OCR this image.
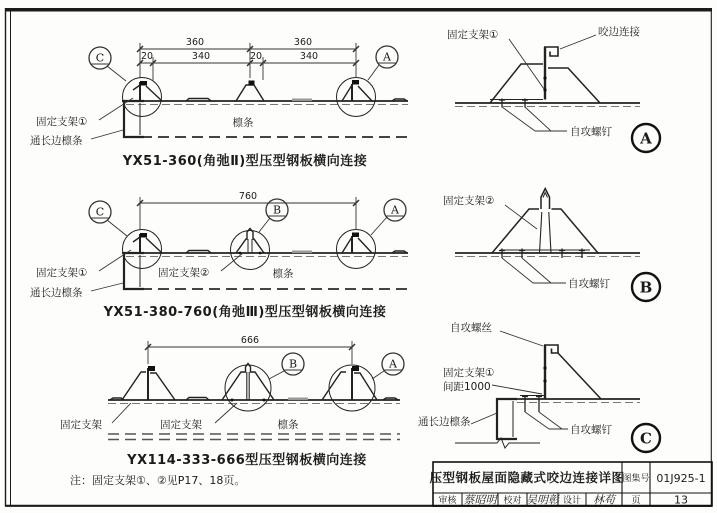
360	360
20	340	20	340
C	A
固定支架①
通长边檩条
檩条
YX51-360(角弛Ⅱ)型压型钢板横向连接
760
C	B	A
固定支架①	固定支架②	檩条
通长边檩条
YX51-380-760(角弛Ⅲ)型压型钢板横向连接
666
B	A
固定支架	固定支架	檩条
YX114-333-666型压型钢板横向连接
注：固定支架①、②见P17、18页。
固定支架①	咬边连接
自攻螺钉 A
固定支架②
自攻螺钉 B
自攻螺丝
固定支架①
间距1000
通长边檩条
自攻螺钉 C
压型钢板屋面隐藏式咬边连接详图
图集号 01J925-1
审核 蔡昭明 校对 吴明彰 设计 林苟 页	13
